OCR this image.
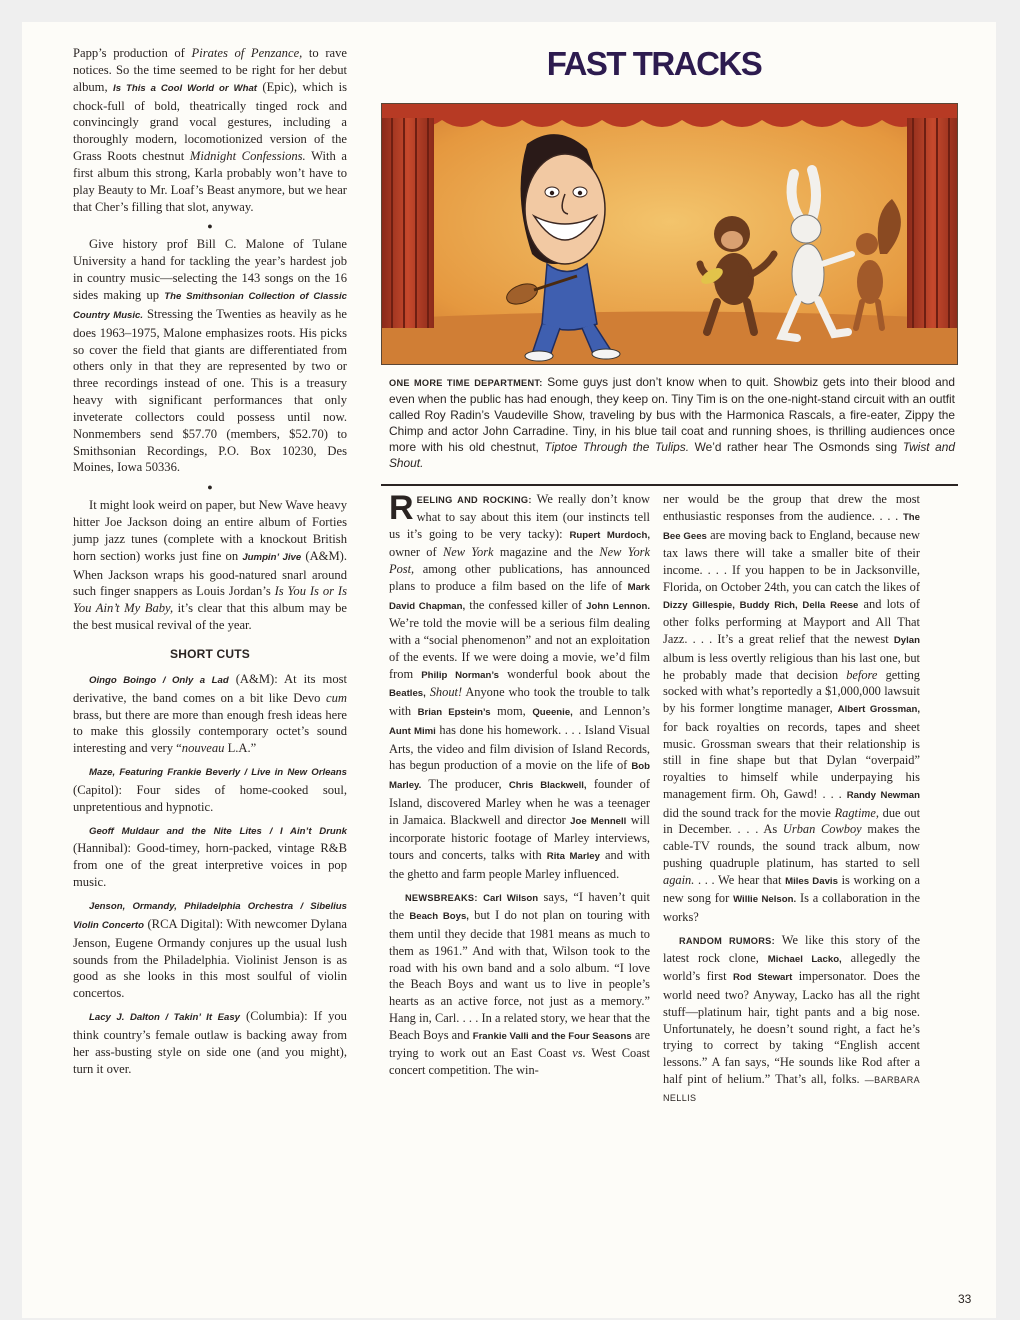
Papp’s production of Pirates of Penzance, to rave notices. So the time seemed to be right for her debut album, Is This a Cool World or What (Epic), which is chock-full of bold, theatrically tinged rock and convincingly grand vocal gestures, including a thoroughly modern, locomotionized version of the Grass Roots chestnut Midnight Confessions. With a first album this strong, Karla probably won’t have to play Beauty to Mr. Loaf’s Beast anymore, but we hear that Cher’s filling that slot, anyway.

●

Give history prof Bill C. Malone of Tulane University a hand for tackling the year’s hardest job in country music—selecting the 143 songs on the 16 sides making up The Smithsonian Collection of Classic Country Music. Stressing the Twenties as heavily as he does 1963–1975, Malone emphasizes roots. His picks so cover the field that giants are differentiated from others only in that they are represented by two or three recordings instead of one. This is a treasury heavy with significant performances that only inveterate collectors could possess until now. Nonmembers send $57.70 (members, $52.70) to Smithsonian Recordings, P.O. Box 10230, Des Moines, Iowa 50336.

●

It might look weird on paper, but New Wave heavy hitter Joe Jackson doing an entire album of Forties jump jazz tunes (complete with a knockout British horn section) works just fine on Jumpin’ Jive (A&M). When Jackson wraps his good-natured snarl around such finger snappers as Louis Jordan’s Is You Is or Is You Ain’t My Baby, it’s clear that this album may be the best musical revival of the year.

SHORT CUTS

Oingo Boingo / Only a Lad (A&M): At its most derivative, the band comes on a bit like Devo cum brass, but there are more than enough fresh ideas here to make this glossily contemporary octet’s sound interesting and very “nouveau L.A.”

Maze, Featuring Frankie Beverly / Live in New Orleans (Capitol): Four sides of home-cooked soul, unpretentious and hypnotic.

Geoff Muldaur and the Nite Lites / I Ain’t Drunk (Hannibal): Good-timey, horn-packed, vintage R&B from one of the great interpretive voices in pop music.

Jenson, Ormandy, Philadelphia Orchestra / Sibelius Violin Concerto (RCA Digital): With newcomer Dylana Jenson, Eugene Ormandy conjures up the usual lush sounds from the Philadelphia. Violinist Jenson is as good as she looks in this most soulful of violin concertos.

Lacy J. Dalton / Takin’ It Easy (Columbia): If you think country’s female outlaw is backing away from her ass-busting style on side one (and you might), turn it over.

FAST TRACKS
ONE MORE TIME DEPARTMENT: Some guys just don’t know when to quit. Showbiz gets into their blood and even when the public has had enough, they keep on. Tiny Tim is on the one-night-stand circuit with an outfit called Roy Radin’s Vaudeville Show, traveling by bus with the Harmonica Rascals, a fire-eater, Zippy the Chimp and actor John Carradine. Tiny, in his blue tail coat and running shoes, is thrilling audiences once more with his old chestnut, Tiptoe Through the Tulips. We’d rather hear The Osmonds sing Twist and Shout.

REELING AND ROCKING: We really don’t know what to say about this item (our instincts tell us it’s going to be very tacky): Rupert Murdoch, owner of New York magazine and the New York Post, among other publications, has announced plans to produce a film based on the life of Mark David Chapman, the confessed killer of John Lennon. We’re told the movie will be a serious film dealing with a “social phenomenon” and not an exploitation of the events. If we were doing a movie, we’d film from Philip Norman’s wonderful book about the Beatles, Shout! Anyone who took the trouble to talk with Brian Epstein’s mom, Queenie, and Lennon’s Aunt Mimi has done his homework. . . . Island Visual Arts, the video and film division of Island Records, has begun production of a movie on the life of Bob Marley. The producer, Chris Blackwell, founder of Island, discovered Marley when he was a teenager in Jamaica. Blackwell and director Joe Mennell will incorporate historic footage of Marley interviews, tours and concerts, talks with Rita Marley and with the ghetto and farm people Marley influenced.

NEWSBREAKS: Carl Wilson says, “I haven’t quit the Beach Boys, but I do not plan on touring with them until they decide that 1981 means as much to them as 1961.” And with that, Wilson took to the road with his own band and a solo album. “I love the Beach Boys and want us to live in people’s hearts as an active force, not just as a memory.” Hang in, Carl. . . . In a related story, we hear that the Beach Boys and Frankie Valli and the Four Seasons are trying to work out an East Coast vs. West Coast concert competition. The win-

ner would be the group that drew the most enthusiastic responses from the audience. . . . The Bee Gees are moving back to England, because new tax laws there will take a smaller bite of their income. . . . If you happen to be in Jacksonville, Florida, on October 24th, you can catch the likes of Dizzy Gillespie, Buddy Rich, Della Reese and lots of other folks performing at Mayport and All That Jazz. . . . It’s a great relief that the newest Dylan album is less overtly religious than his last one, but he probably made that decision before getting socked with what’s reportedly a $1,000,000 lawsuit by his former longtime manager, Albert Grossman, for back royalties on records, tapes and sheet music. Grossman swears that their relationship is still in fine shape but that Dylan “overpaid” royalties to himself while underpaying his management firm. Oh, Gawd! . . . Randy Newman did the sound track for the movie Ragtime, due out in December. . . . As Urban Cowboy makes the cable-TV rounds, the sound track album, now pushing quadruple platinum, has started to sell again. . . . We hear that Miles Davis is working on a new song for Willie Nelson. Is a collaboration in the works?

RANDOM RUMORS: We like this story of the latest rock clone, Michael Lacko, allegedly the world’s first Rod Stewart impersonator. Does the world need two? Anyway, Lacko has all the right stuff—platinum hair, tight pants and a big nose. Unfortunately, he doesn’t sound right, a fact he’s trying to correct by taking “English accent lessons.” A fan says, “He sounds like Rod after a half pint of helium.” That’s all, folks. —BARBARA NELLIS

33
